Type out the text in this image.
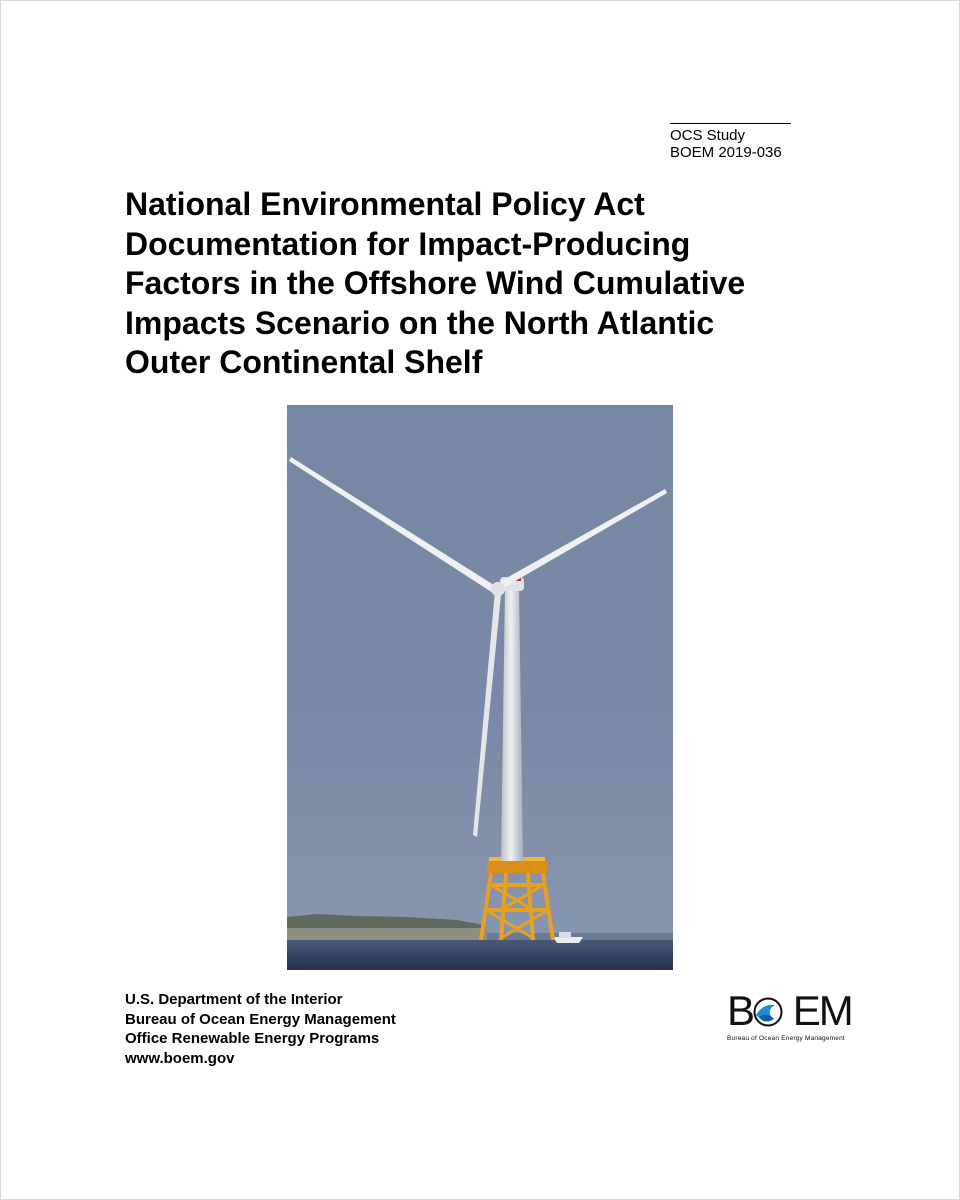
OCS Study
BOEM 2019-036
National Environmental Policy Act
Documentation for Impact-Producing
Factors in the Offshore Wind Cumulative
Impacts Scenario on the North Atlantic
Outer Continental Shelf
U.S. Department of the Interior
Bureau of Ocean Energy Management
Office Renewable Energy Programs
www.boem.gov
B EM
Bureau of Ocean Energy Management
